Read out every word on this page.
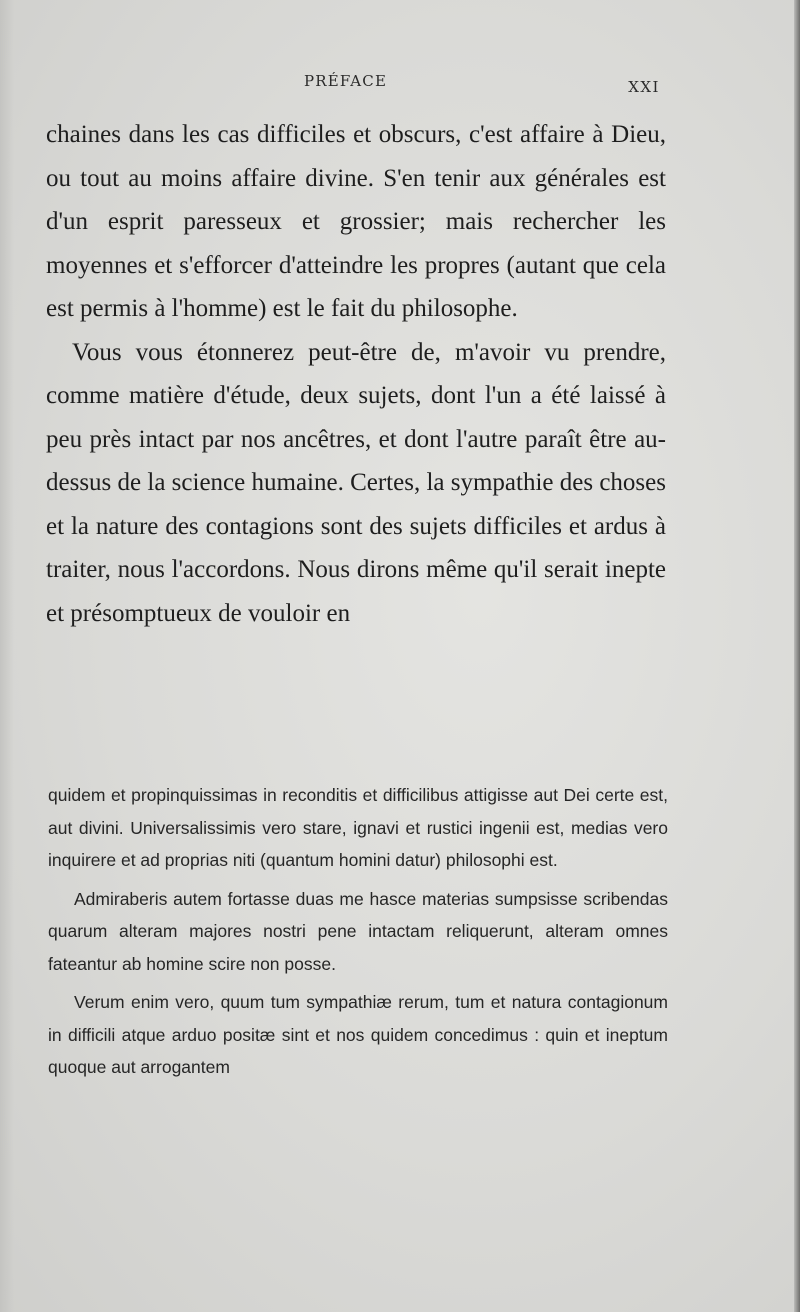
PRÉFACE	XXI

chaines dans les cas difficiles et obscurs, c'est affaire à Dieu, ou tout au moins affaire divine. S'en tenir aux générales est d'un esprit paresseux et grossier; mais rechercher les moyennes et s'efforcer d'atteindre les propres (autant que cela est permis à l'homme) est le fait du philosophe.

Vous vous étonnerez peut-être de, m'avoir vu prendre, comme matière d'étude, deux sujets, dont l'un a été laissé à peu près intact par nos ancêtres, et dont l'autre paraît être au-dessus de la science humaine. Certes, la sympathie des choses et la nature des contagions sont des sujets difficiles et ardus à traiter, nous l'accordons. Nous dirons même qu'il serait inepte et présomptueux de vouloir en

quidem et propinquissimas in reconditis et difficilibus attigisse aut Dei certe est, aut divini. Universalissimis vero stare, ignavi et rustici ingenii est, medias vero inquirere et ad proprias niti (quantum homini datur) philosophi est.

Admiraberis autem fortasse duas me hasce materias sumpsisse scribendas quarum alteram majores nostri pene intactam reliquerunt, alteram omnes fateantur ab homine scire non posse.

Verum enim vero, quum tum sympathiæ rerum, tum et natura contagionum in difficili atque arduo positæ sint et nos quidem concedimus : quin et ineptum quoque aut arrogantem
